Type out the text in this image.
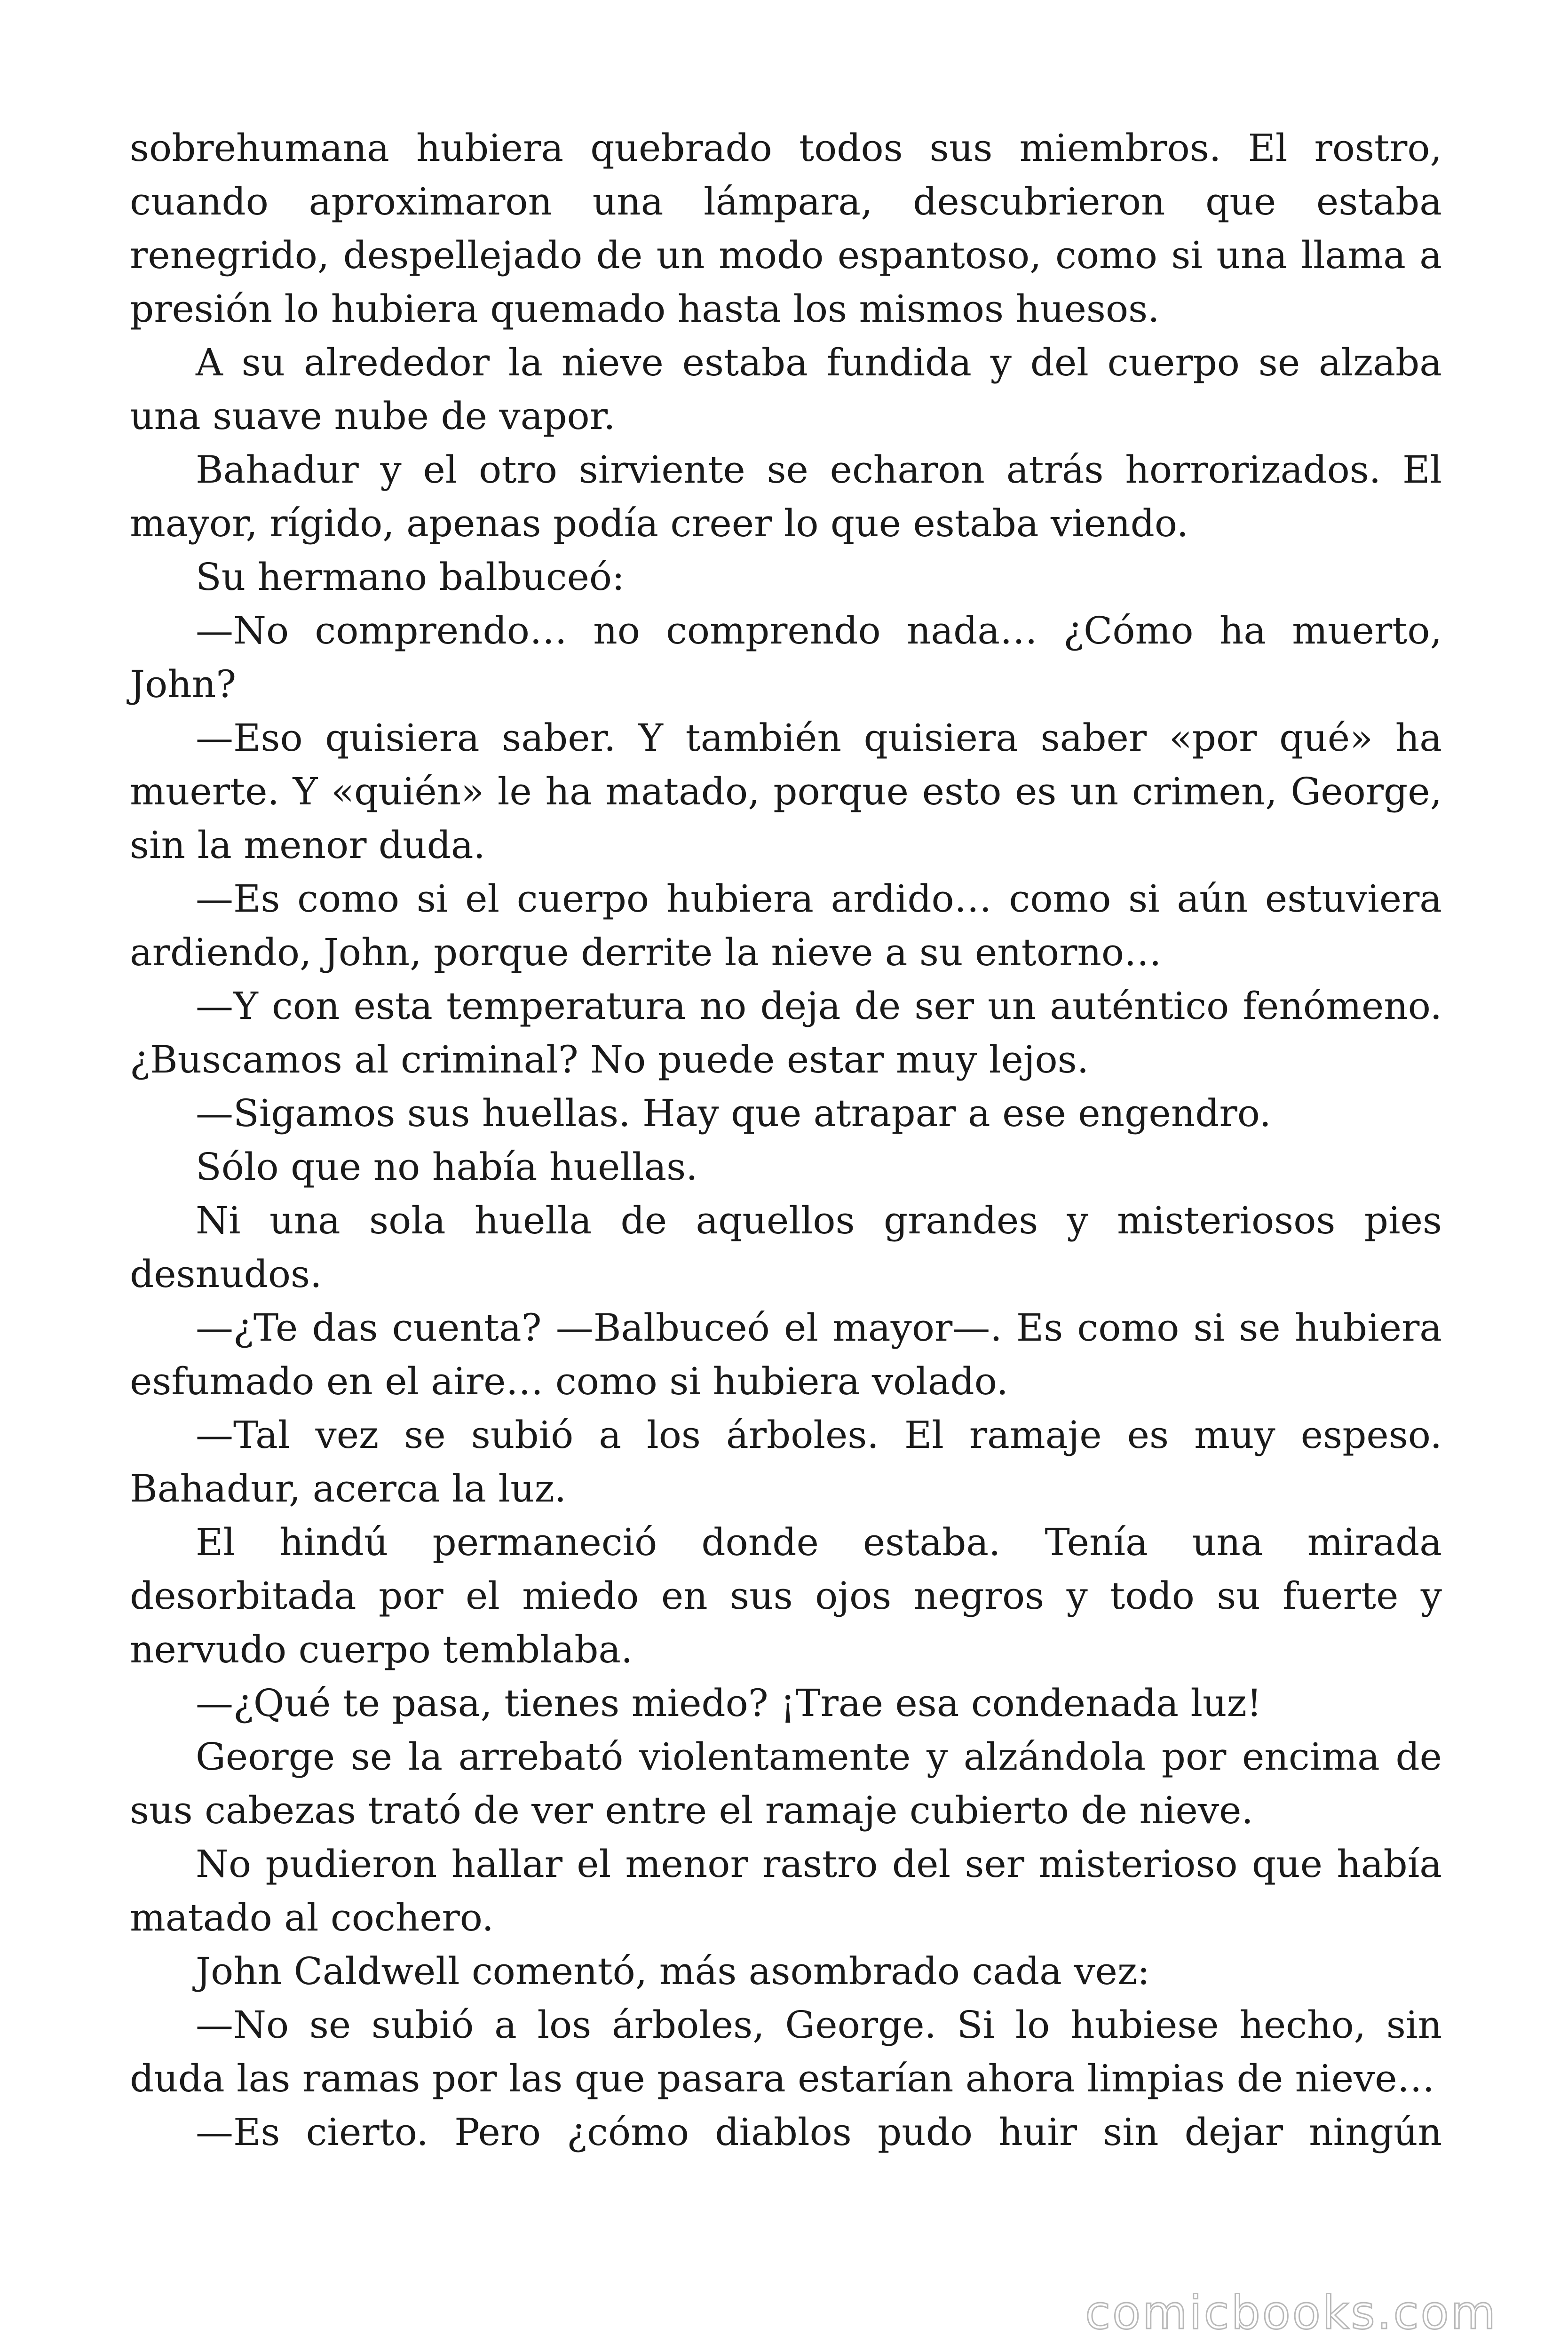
sobrehumana hubiera quebrado todos sus miembros. El rostro, cuando aproximaron una lámpara, descubrieron que estaba renegrido, despellejado de un modo espantoso, como si una llama a presión lo hubiera quemado hasta los mismos huesos.

A su alrededor la nieve estaba fundida y del cuerpo se alzaba una suave nube de vapor.

Bahadur y el otro sirviente se echaron atrás horrorizados. El mayor, rígido, apenas podía creer lo que estaba viendo.

Su hermano balbuceó:

—No comprendo… no comprendo nada… ¿Cómo ha muerto, John?

—Eso quisiera saber. Y también quisiera saber «por qué» ha muerte. Y «quién» le ha matado, porque esto es un crimen, George, sin la menor duda.

—Es como si el cuerpo hubiera ardido… como si aún estuviera ardiendo, John, porque derrite la nieve a su entorno…

—Y con esta temperatura no deja de ser un auténtico fenómeno. ¿Buscamos al criminal? No puede estar muy lejos.

—Sigamos sus huellas. Hay que atrapar a ese engendro.

Sólo que no había huellas.

Ni una sola huella de aquellos grandes y misteriosos pies desnudos.

—¿Te das cuenta? —Balbuceó el mayor—. Es como si se hubiera esfumado en el aire… como si hubiera volado.

—Tal vez se subió a los árboles. El ramaje es muy espeso. Bahadur, acerca la luz.

El hindú permaneció donde estaba. Tenía una mirada desorbitada por el miedo en sus ojos negros y todo su fuerte y nervudo cuerpo temblaba.

—¿Qué te pasa, tienes miedo? ¡Trae esa condenada luz!

George se la arrebató violentamente y alzándola por encima de sus cabezas trató de ver entre el ramaje cubierto de nieve.

No pudieron hallar el menor rastro del ser misterioso que había matado al cochero.

John Caldwell comentó, más asombrado cada vez:

—No se subió a los árboles, George. Si lo hubiese hecho, sin duda las ramas por las que pasara estarían ahora limpias de nieve…

—Es cierto. Pero ¿cómo diablos pudo huir sin dejar ningún

comicbooks.com
